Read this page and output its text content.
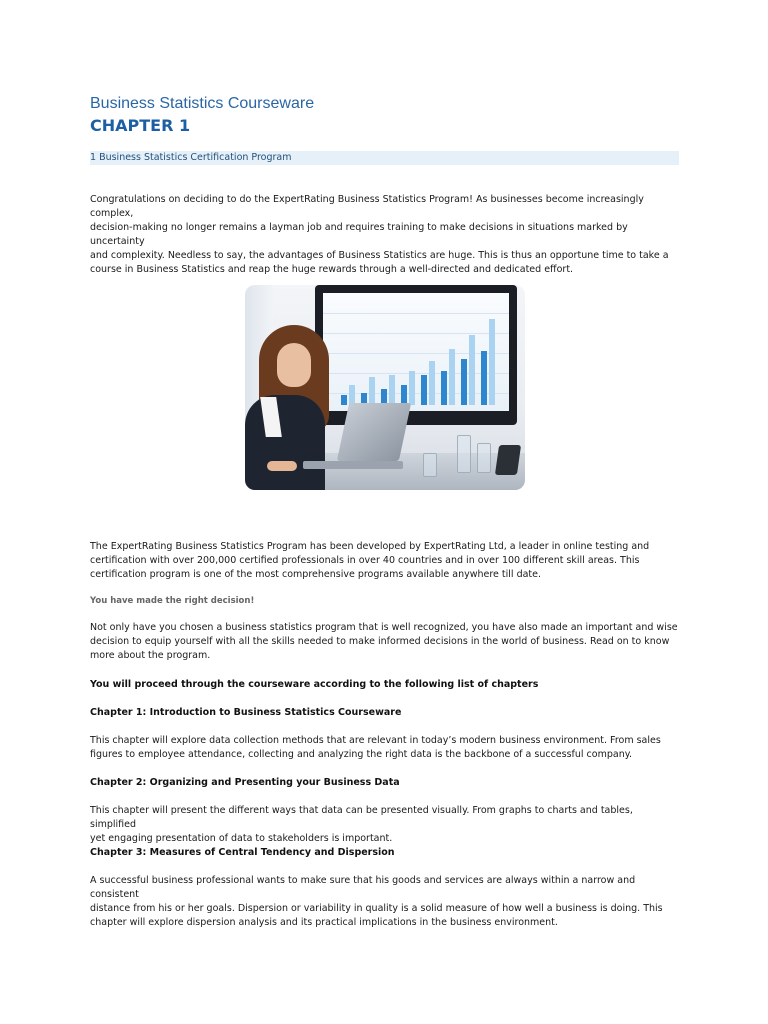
Business Statistics Courseware
CHAPTER 1
1 Business Statistics Certification Program

Congratulations on deciding to do the ExpertRating Business Statistics Program! As businesses become increasingly complex,
decision-making no longer remains a layman job and requires training to make decisions in situations marked by uncertainty
and complexity. Needless to say, the advantages of Business Statistics are huge. This is thus an opportune time to take a
course in Business Statistics and reap the huge rewards through a well-directed and dedicated effort.

The ExpertRating Business Statistics Program has been developed by ExpertRating Ltd, a leader in online testing and
certification with over 200,000 certified professionals in over 40 countries and in over 100 different skill areas. This
certification program is one of the most comprehensive programs available anywhere till date.

You have made the right decision!

Not only have you chosen a business statistics program that is well recognized, you have also made an important and wise
decision to equip yourself with all the skills needed to make informed decisions in the world of business. Read on to know
more about the program.

You will proceed through the courseware according to the following list of chapters

Chapter 1: Introduction to Business Statistics Courseware

This chapter will explore data collection methods that are relevant in today’s modern business environment. From sales
figures to employee attendance, collecting and analyzing the right data is the backbone of a successful company.

Chapter 2: Organizing and Presenting your Business Data

This chapter will present the different ways that data can be presented visually. From graphs to charts and tables, simplified
yet engaging presentation of data to stakeholders is important.

Chapter 3: Measures of Central Tendency and Dispersion

A successful business professional wants to make sure that his goods and services are always within a narrow and consistent
distance from his or her goals. Dispersion or variability in quality is a solid measure of how well a business is doing. This
chapter will explore dispersion analysis and its practical implications in the business environment.
